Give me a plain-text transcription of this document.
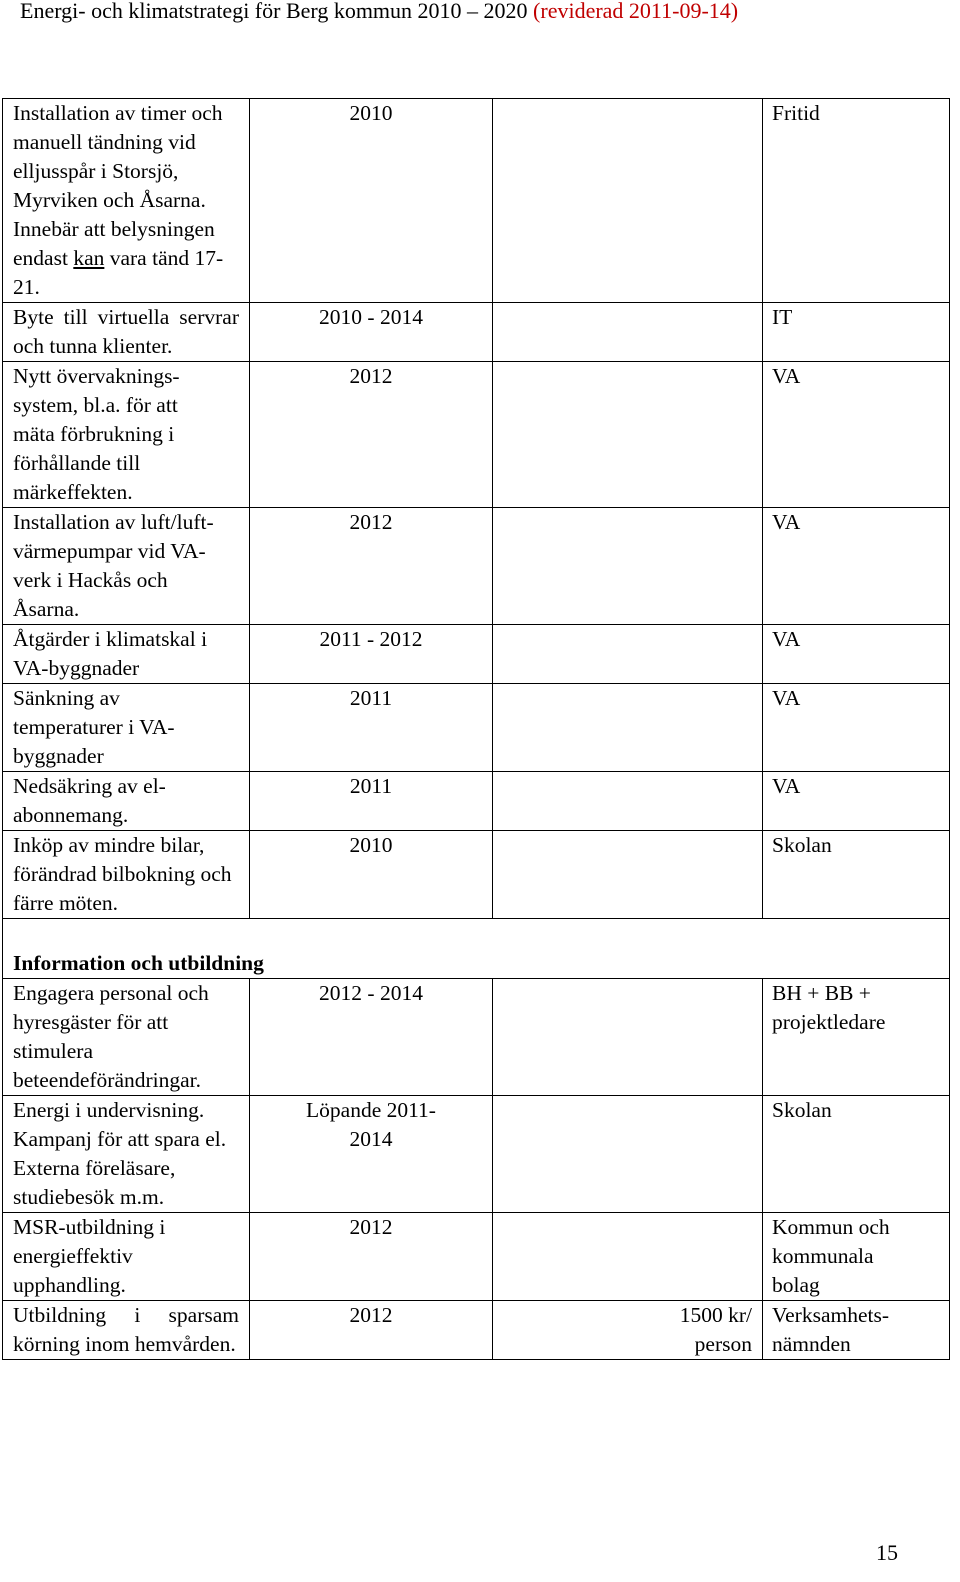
Energi- och klimatstrategi för Berg kommun 2010 – 2020 (reviderad 2011-09-14)
Installation av timer och manuell tändning vid elljusspår i Storsjö, Myrviken och Åsarna. Innebär att belysningen endast kan vara tänd 17-21.	2010		Fritid

Byte till virtuella servrar och tunna klienter.	2010 - 2014		IT

Nytt övervaknings-system, bl.a. för att mäta förbrukning i förhållande till märkeffekten.	2012		VA

Installation av luft/luft-värmepumpar vid VA-verk i Hackås och Åsarna.	2012		VA

Åtgärder i klimatskal i VA-byggnader	2011 - 2012		VA

Sänkning av temperaturer i VA-byggnader	2011		VA

Nedsäkring av el-abonnemang.	2011		VA

Inköp av mindre bilar, förändrad bilbokning och färre möten.	2010		Skolan
Information och utbildning			

Engagera personal och hyresgäster för att stimulera beteendeförändringar.	2012 - 2014		BH + BB + projektledare

Energi i undervisning. Kampanj för att spara el. Externa föreläsare, studiebesök m.m.	Löpande 2011-2014		Skolan

MSR-utbildning i energieffektiv upphandling.	2012		Kommun och kommunala bolag

Utbildning i sparsam körning inom hemvården.	2012	1500 kr/ person	Verksamhets-nämnden
15
